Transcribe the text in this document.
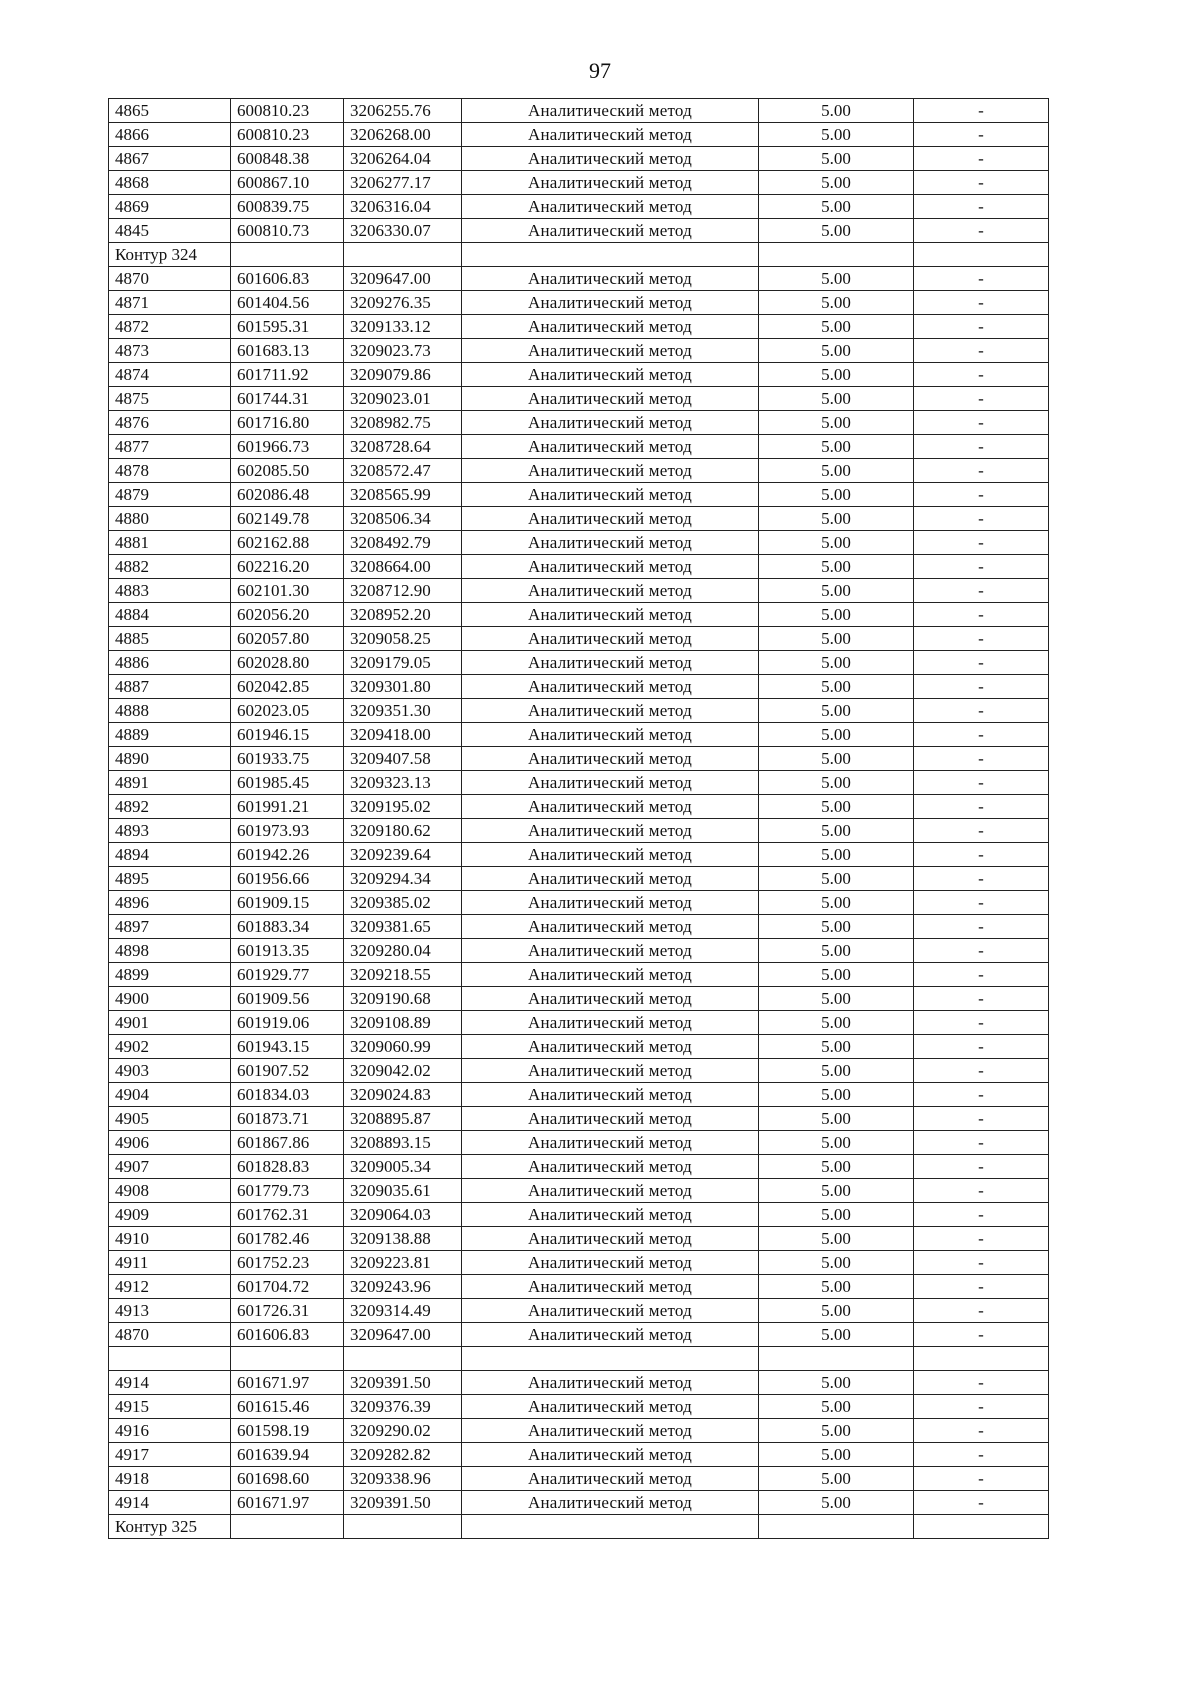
97
4865	600810.23	3206255.76	Аналитический метод	5.00	-
4866	600810.23	3206268.00	Аналитический метод	5.00	-
4867	600848.38	3206264.04	Аналитический метод	5.00	-
4868	600867.10	3206277.17	Аналитический метод	5.00	-
4869	600839.75	3206316.04	Аналитический метод	5.00	-
4845	600810.73	3206330.07	Аналитический метод	5.00	-
Контур 324					
4870	601606.83	3209647.00	Аналитический метод	5.00	-
4871	601404.56	3209276.35	Аналитический метод	5.00	-
4872	601595.31	3209133.12	Аналитический метод	5.00	-
4873	601683.13	3209023.73	Аналитический метод	5.00	-
4874	601711.92	3209079.86	Аналитический метод	5.00	-
4875	601744.31	3209023.01	Аналитический метод	5.00	-
4876	601716.80	3208982.75	Аналитический метод	5.00	-
4877	601966.73	3208728.64	Аналитический метод	5.00	-
4878	602085.50	3208572.47	Аналитический метод	5.00	-
4879	602086.48	3208565.99	Аналитический метод	5.00	-
4880	602149.78	3208506.34	Аналитический метод	5.00	-
4881	602162.88	3208492.79	Аналитический метод	5.00	-
4882	602216.20	3208664.00	Аналитический метод	5.00	-
4883	602101.30	3208712.90	Аналитический метод	5.00	-
4884	602056.20	3208952.20	Аналитический метод	5.00	-
4885	602057.80	3209058.25	Аналитический метод	5.00	-
4886	602028.80	3209179.05	Аналитический метод	5.00	-
4887	602042.85	3209301.80	Аналитический метод	5.00	-
4888	602023.05	3209351.30	Аналитический метод	5.00	-
4889	601946.15	3209418.00	Аналитический метод	5.00	-
4890	601933.75	3209407.58	Аналитический метод	5.00	-
4891	601985.45	3209323.13	Аналитический метод	5.00	-
4892	601991.21	3209195.02	Аналитический метод	5.00	-
4893	601973.93	3209180.62	Аналитический метод	5.00	-
4894	601942.26	3209239.64	Аналитический метод	5.00	-
4895	601956.66	3209294.34	Аналитический метод	5.00	-
4896	601909.15	3209385.02	Аналитический метод	5.00	-
4897	601883.34	3209381.65	Аналитический метод	5.00	-
4898	601913.35	3209280.04	Аналитический метод	5.00	-
4899	601929.77	3209218.55	Аналитический метод	5.00	-
4900	601909.56	3209190.68	Аналитический метод	5.00	-
4901	601919.06	3209108.89	Аналитический метод	5.00	-
4902	601943.15	3209060.99	Аналитический метод	5.00	-
4903	601907.52	3209042.02	Аналитический метод	5.00	-
4904	601834.03	3209024.83	Аналитический метод	5.00	-
4905	601873.71	3208895.87	Аналитический метод	5.00	-
4906	601867.86	3208893.15	Аналитический метод	5.00	-
4907	601828.83	3209005.34	Аналитический метод	5.00	-
4908	601779.73	3209035.61	Аналитический метод	5.00	-
4909	601762.31	3209064.03	Аналитический метод	5.00	-
4910	601782.46	3209138.88	Аналитический метод	5.00	-
4911	601752.23	3209223.81	Аналитический метод	5.00	-
4912	601704.72	3209243.96	Аналитический метод	5.00	-
4913	601726.31	3209314.49	Аналитический метод	5.00	-
4870	601606.83	3209647.00	Аналитический метод	5.00	-

4914	601671.97	3209391.50	Аналитический метод	5.00	-
4915	601615.46	3209376.39	Аналитический метод	5.00	-
4916	601598.19	3209290.02	Аналитический метод	5.00	-
4917	601639.94	3209282.82	Аналитический метод	5.00	-
4918	601698.60	3209338.96	Аналитический метод	5.00	-
4914	601671.97	3209391.50	Аналитический метод	5.00	-
Контур 325					
